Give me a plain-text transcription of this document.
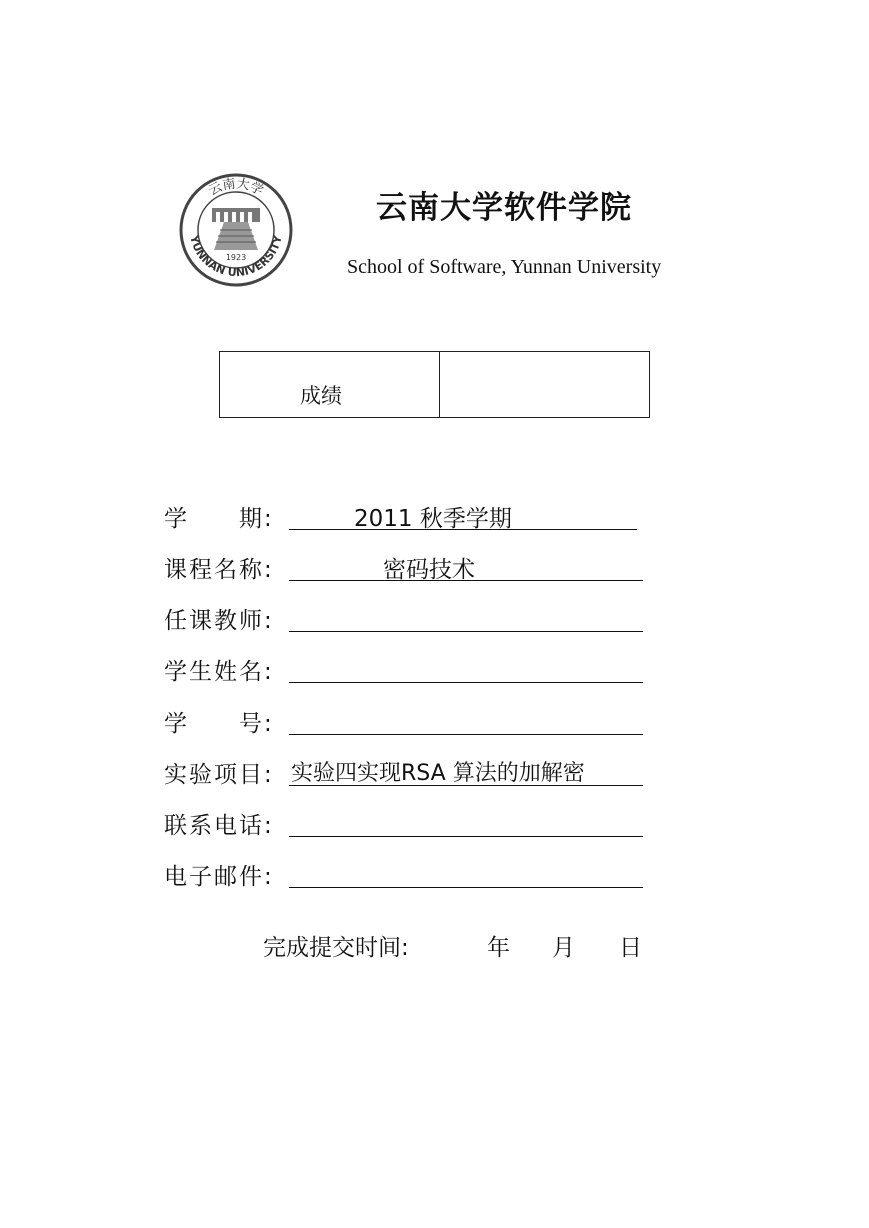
云南大学
YUNNAN UNIVERSITY
1923
云南大学软件学院
School of Software, Yunnan University
成绩
学　　期:	2011 秋季学期
课程名称:	密码技术
任课教师:
学生姓名:
学　　号:
实验项目: 实验四实现RSA 算法的加解密
联系电话:
电子邮件:
完成提交时间:	年 月 日
